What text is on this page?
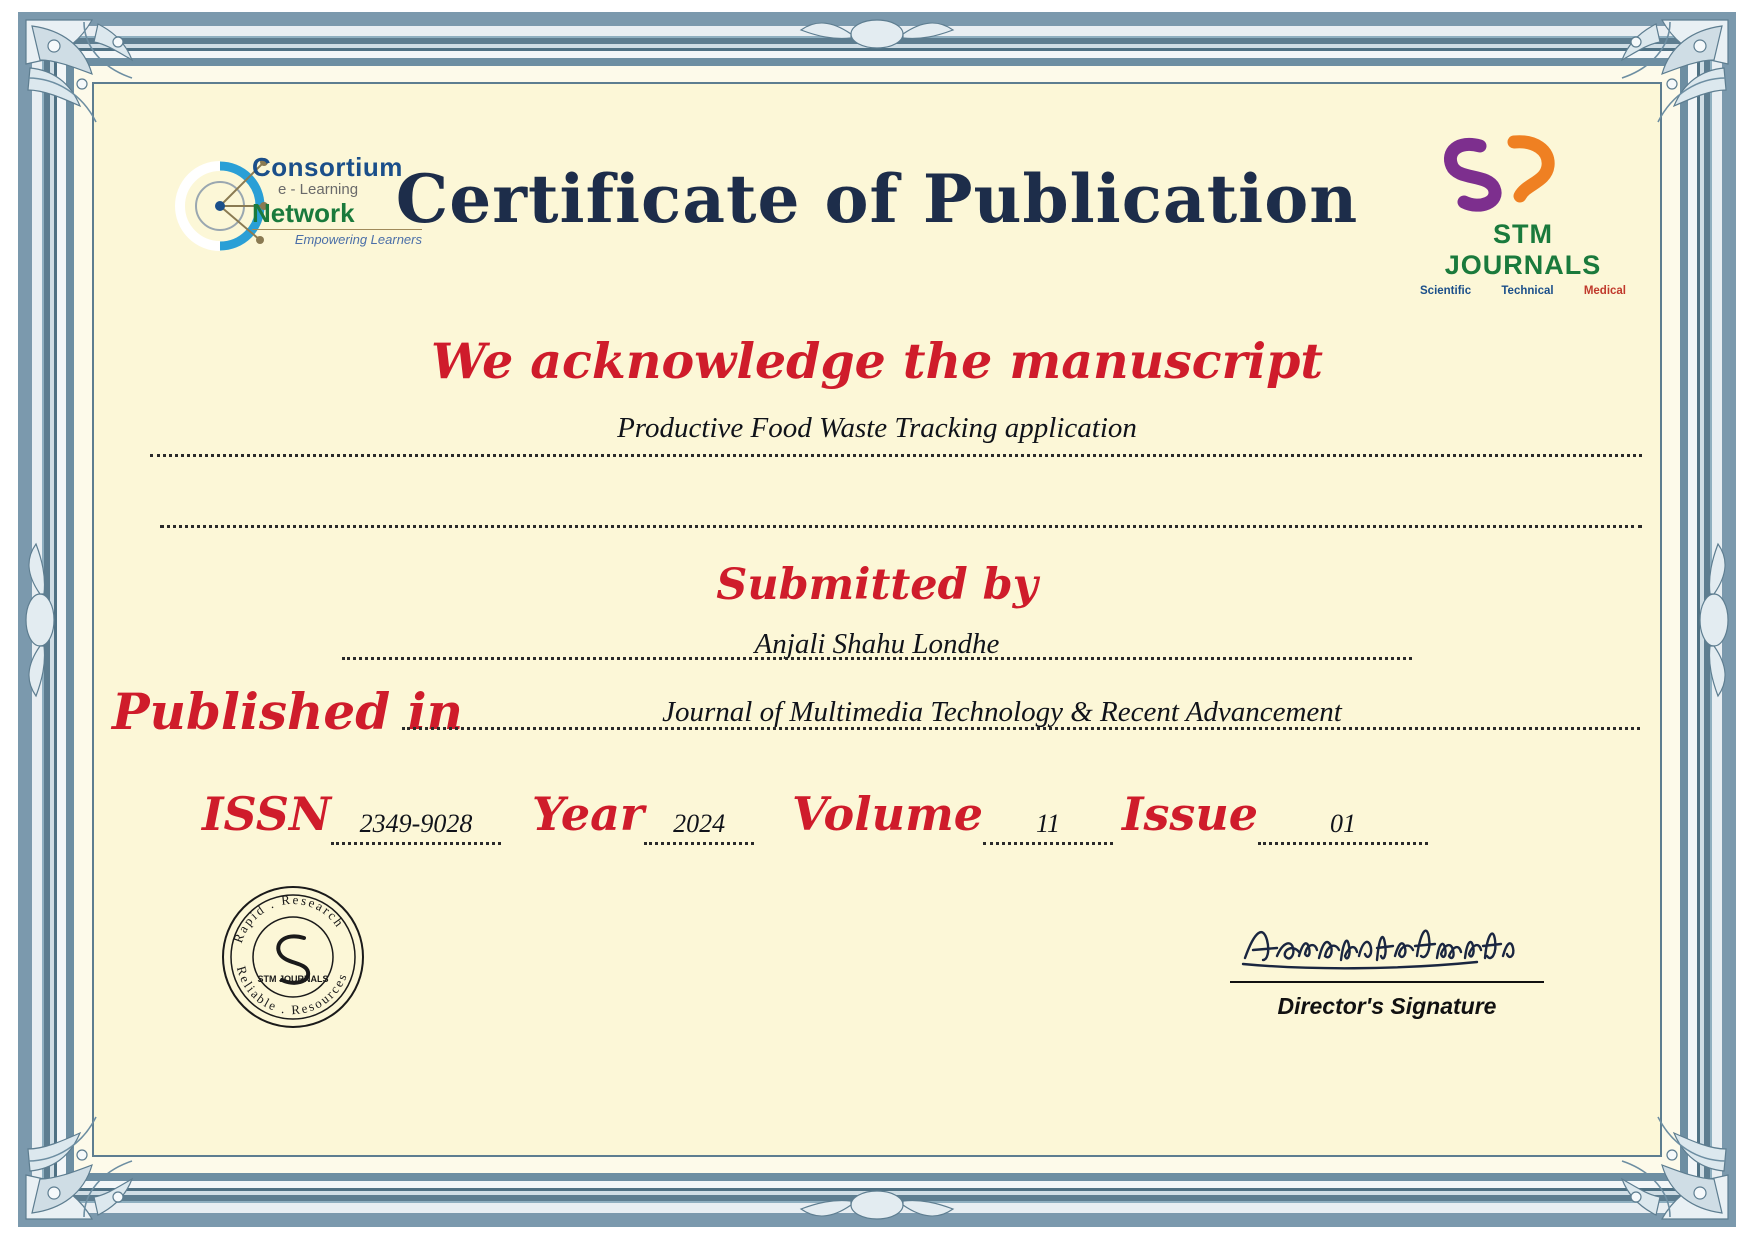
Consortium
e - Learning
Network
Empowering Learners	STM JOURNALS
Scientific	Technical	Medical
Certificate of Publication
We acknowledge the manuscript
Productive Food Waste Tracking application
Submitted by
Anjali Shahu Londhe
Published in	Journal of Multimedia Technology & Recent Advancement
ISSN	2349-9028	Year	2024	Volume	11	Issue	01
Rapid . Research
Reliable . Resources
STM JOURNALS
Director's Signature
